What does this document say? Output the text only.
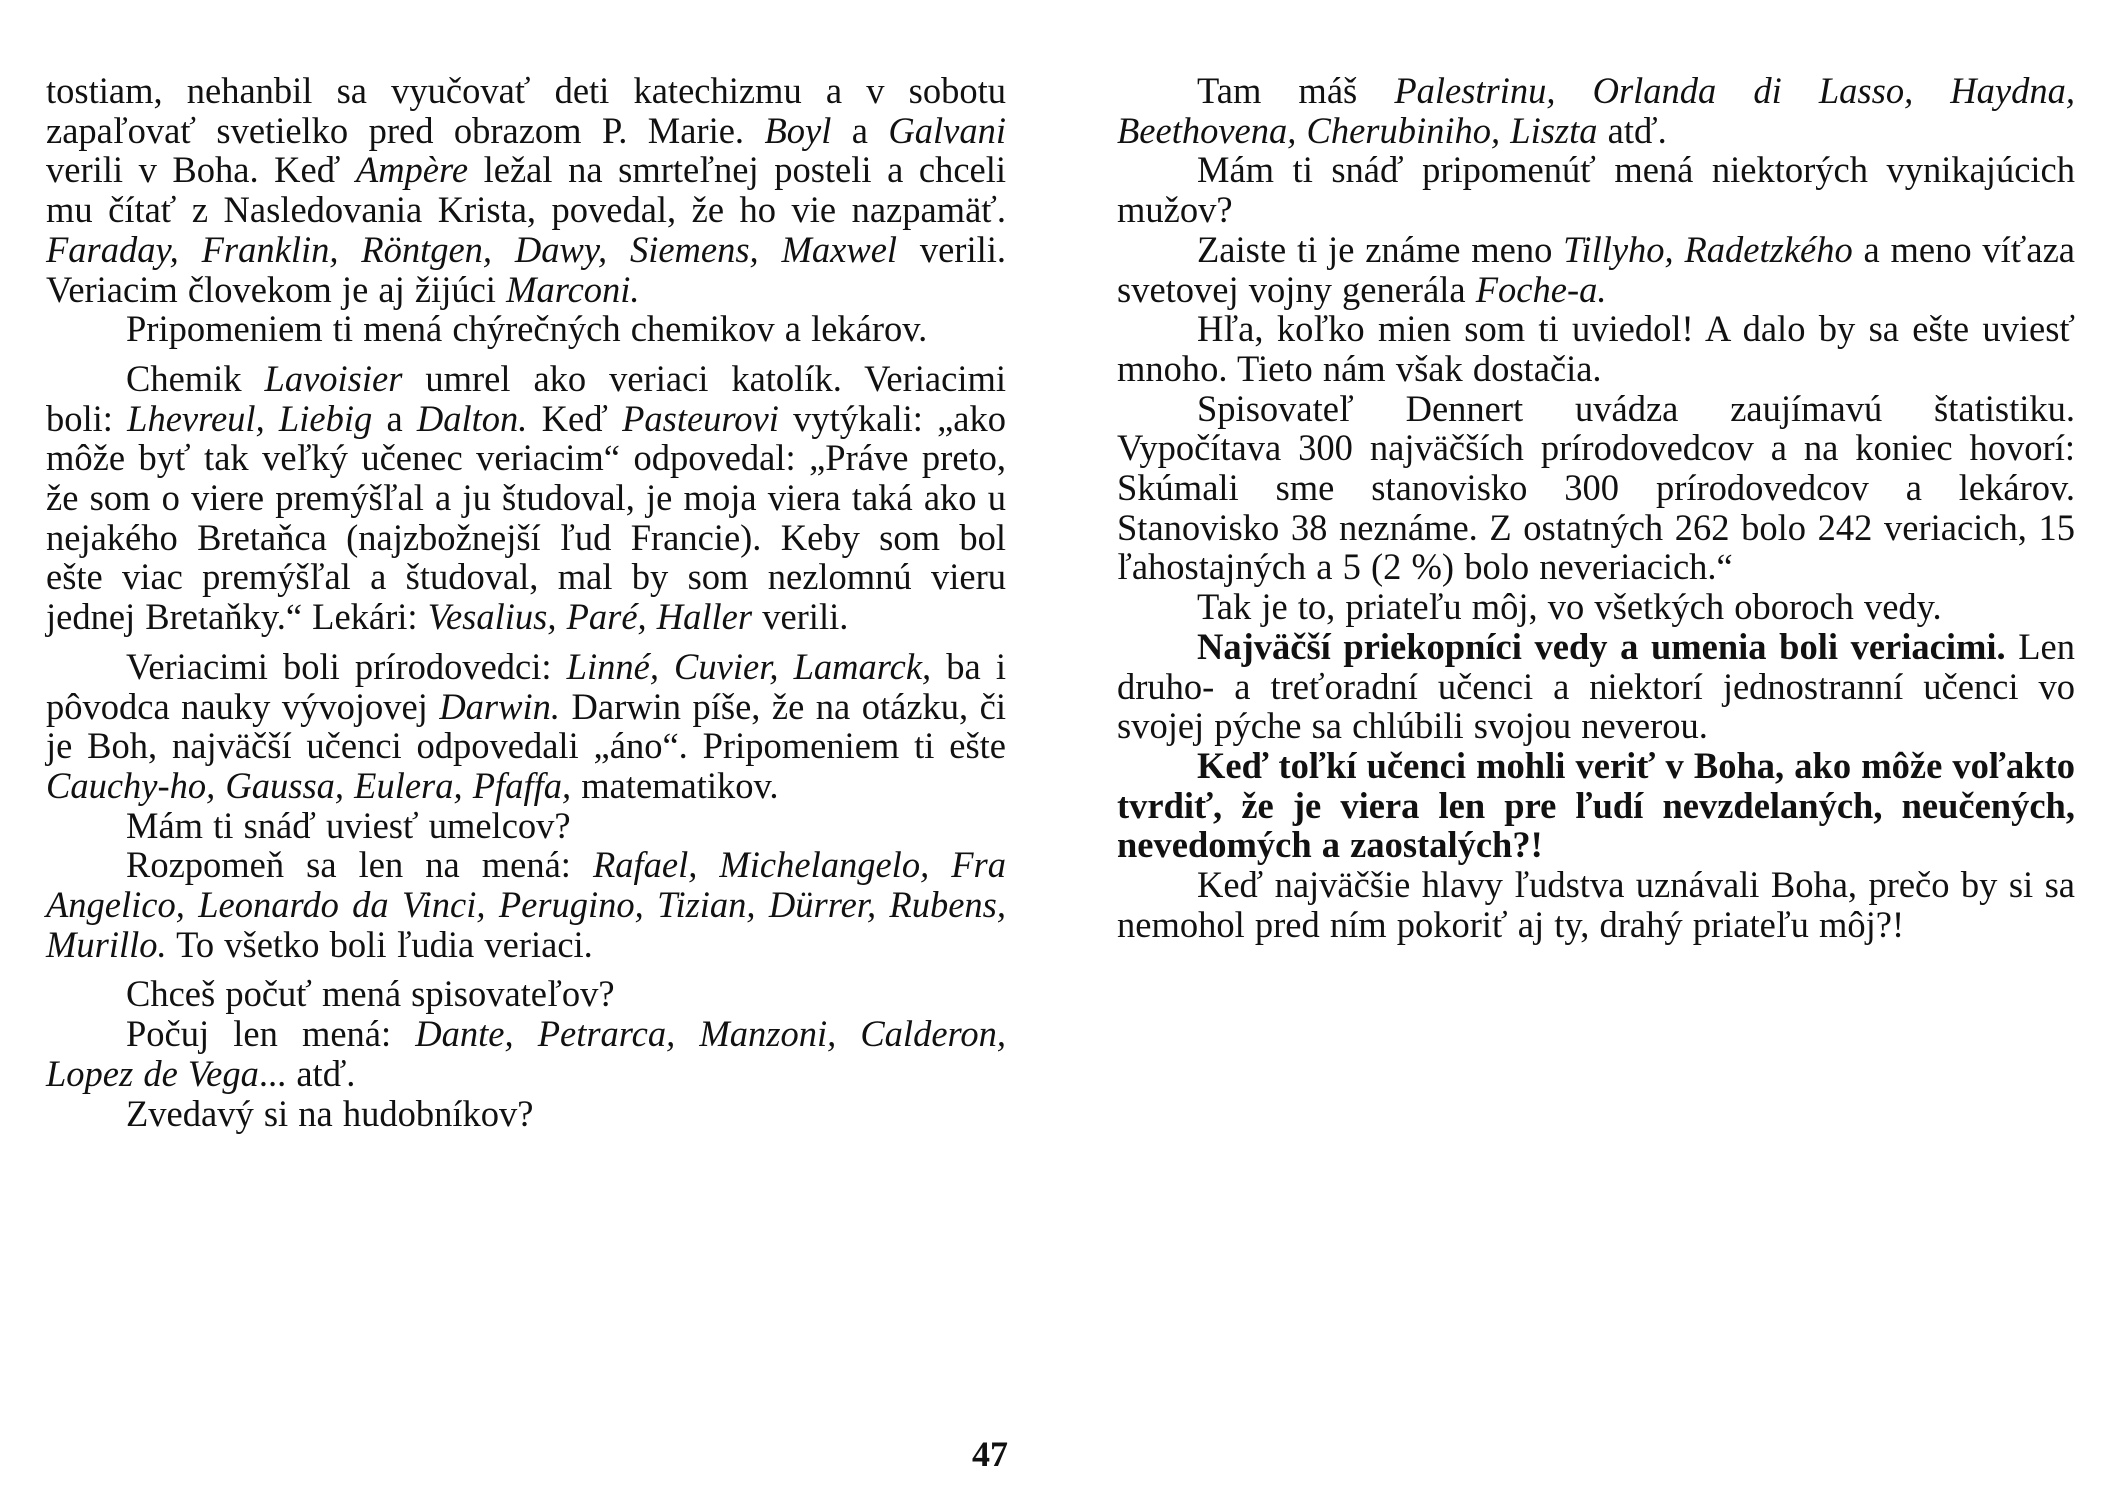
tostiam, nehanbil sa vyučovať deti katechizmu a v sobotu zapaľovať svetielko pred obrazom P. Marie. Boyl a Galvani verili v Boha. Keď Ampère ležal na smrteľnej posteli a chceli mu čítať z Nasledovania Krista, povedal, že ho vie nazpamäť. Faraday, Franklin, Röntgen, Dawy, Siemens, Maxwel verili. Veriacim človekom je aj žijúci Marconi.

Pripomeniem ti mená chýrečných chemikov a lekárov.

Chemik Lavoisier umrel ako veriaci katolík. Veriacimi boli: Lhevreul, Liebig a Dalton. Keď Pasteurovi vytýkali: „ako môže byť tak veľký učenec veriacim“ odpovedal: „Práve preto, že som o viere premýšľal a ju študoval, je moja viera taká ako u nejakého Bretaňca (najzbožnejší ľud Francie). Keby som bol ešte viac premýšľal a študoval, mal by som nezlomnú vieru jednej Bretaňky.“ Lekári: Vesalius, Paré, Haller verili.

Veriacimi boli prírodovedci: Linné, Cuvier, Lamarck, ba i pôvodca nauky vývojovej Darwin. Darwin píše, že na otázku, či je Boh, najväčší učenci odpovedali „áno“. Pripomeniem ti ešte Cauchy-ho, Gaussa, Eulera, Pfaffa, matematikov.

Mám ti snáď uviesť umelcov?

Rozpomeň sa len na mená: Rafael, Michelangelo, Fra Angelico, Leonardo da Vinci, Perugino, Tizian, Dürrer, Rubens, Murillo. To všetko boli ľudia veriaci.

Chceš počuť mená spisovateľov?

Počuj len mená: Dante, Petrarca, Manzoni, Calderon, Lopez de Vega... atď.

Zvedavý si na hudobníkov?

Tam máš Palestrinu, Orlanda di Lasso, Haydna, Beethovena, Cherubiniho, Liszta atď.

Mám ti snáď pripomenúť mená niektorých vynikajúcich mužov?

Zaiste ti je známe meno Tillyho, Radetzkého a meno víťaza svetovej vojny generála Foche-a.

Hľa, koľko mien som ti uviedol! A dalo by sa ešte uviesť mnoho. Tieto nám však dostačia.

Spisovateľ Dennert uvádza zaujímavú štatistiku. Vypočítava 300 najväčších prírodovedcov a na koniec hovorí: Skúmali sme stanovisko 300 prírodovedcov a lekárov. Stanovisko 38 neznáme. Z ostatných 262 bolo 242 veriacich, 15 ľahostajných a 5 (2 %) bolo neveriacich.“

Tak je to, priateľu môj, vo všetkých oboroch vedy.

Najväčší priekopníci vedy a umenia boli veriacimi. Len druho- a treťoradní učenci a niektorí jednostranní učenci vo svojej pýche sa chlúbili svojou neverou.

Keď toľkí učenci mohli veriť v Boha, ako môže voľakto tvrdiť, že je viera len pre ľudí nevzdelaných, neučených, nevedomých a zaostalých?!

Keď najväčšie hlavy ľudstva uznávali Boha, prečo by si sa nemohol pred ním pokoriť aj ty, drahý priateľu môj?!

47
